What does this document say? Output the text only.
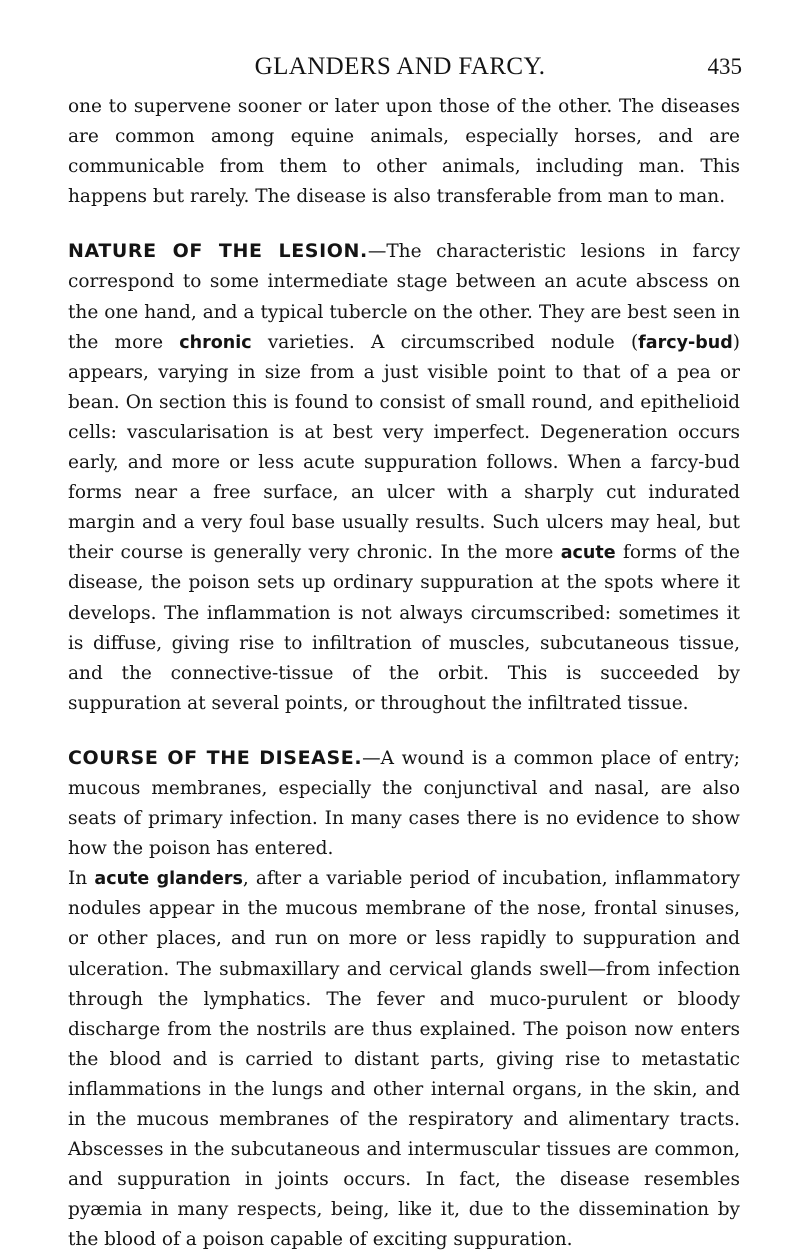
GLANDERS AND FARCY.	435

one to supervene sooner or later upon those of the other. The diseases are common among equine animals, especially horses, and are communicable from them to other animals, including man. This happens but rarely. The disease is also transferable from man to man.

NATURE OF THE LESION.—The characteristic lesions in farcy correspond to some intermediate stage between an acute abscess on the one hand, and a typical tubercle on the other. They are best seen in the more chronic varieties. A circumscribed nodule (farcy-bud) appears, varying in size from a just visible point to that of a pea or bean. On section this is found to consist of small round, and epithelioid cells: vascularisation is at best very imperfect. Degeneration occurs early, and more or less acute suppuration follows. When a farcy-bud forms near a free surface, an ulcer with a sharply cut indurated margin and a very foul base usually results. Such ulcers may heal, but their course is generally very chronic. In the more acute forms of the disease, the poison sets up ordinary suppuration at the spots where it develops. The inflammation is not always circumscribed: sometimes it is diffuse, giving rise to infiltration of muscles, subcutaneous tissue, and the connective-tissue of the orbit. This is succeeded by suppuration at several points, or throughout the infiltrated tissue.

COURSE OF THE DISEASE.—A wound is a common place of entry; mucous membranes, especially the conjunctival and nasal, are also seats of primary infection. In many cases there is no evidence to show how the poison has entered.

In acute glanders, after a variable period of incubation, inflammatory nodules appear in the mucous membrane of the nose, frontal sinuses, or other places, and run on more or less rapidly to suppuration and ulceration. The submaxillary and cervical glands swell—from infection through the lymphatics. The fever and muco-purulent or bloody discharge from the nostrils are thus explained. The poison now enters the blood and is carried to distant parts, giving rise to metastatic inflammations in the lungs and other internal organs, in the skin, and in the mucous membranes of the respiratory and alimentary tracts. Abscesses in the subcutaneous and intermuscular tissues are common, and suppuration in joints occurs. In fact, the disease resembles pyæmia in many respects, being, like it, due to the dissemination by the blood of a poison capable of exciting suppuration.
